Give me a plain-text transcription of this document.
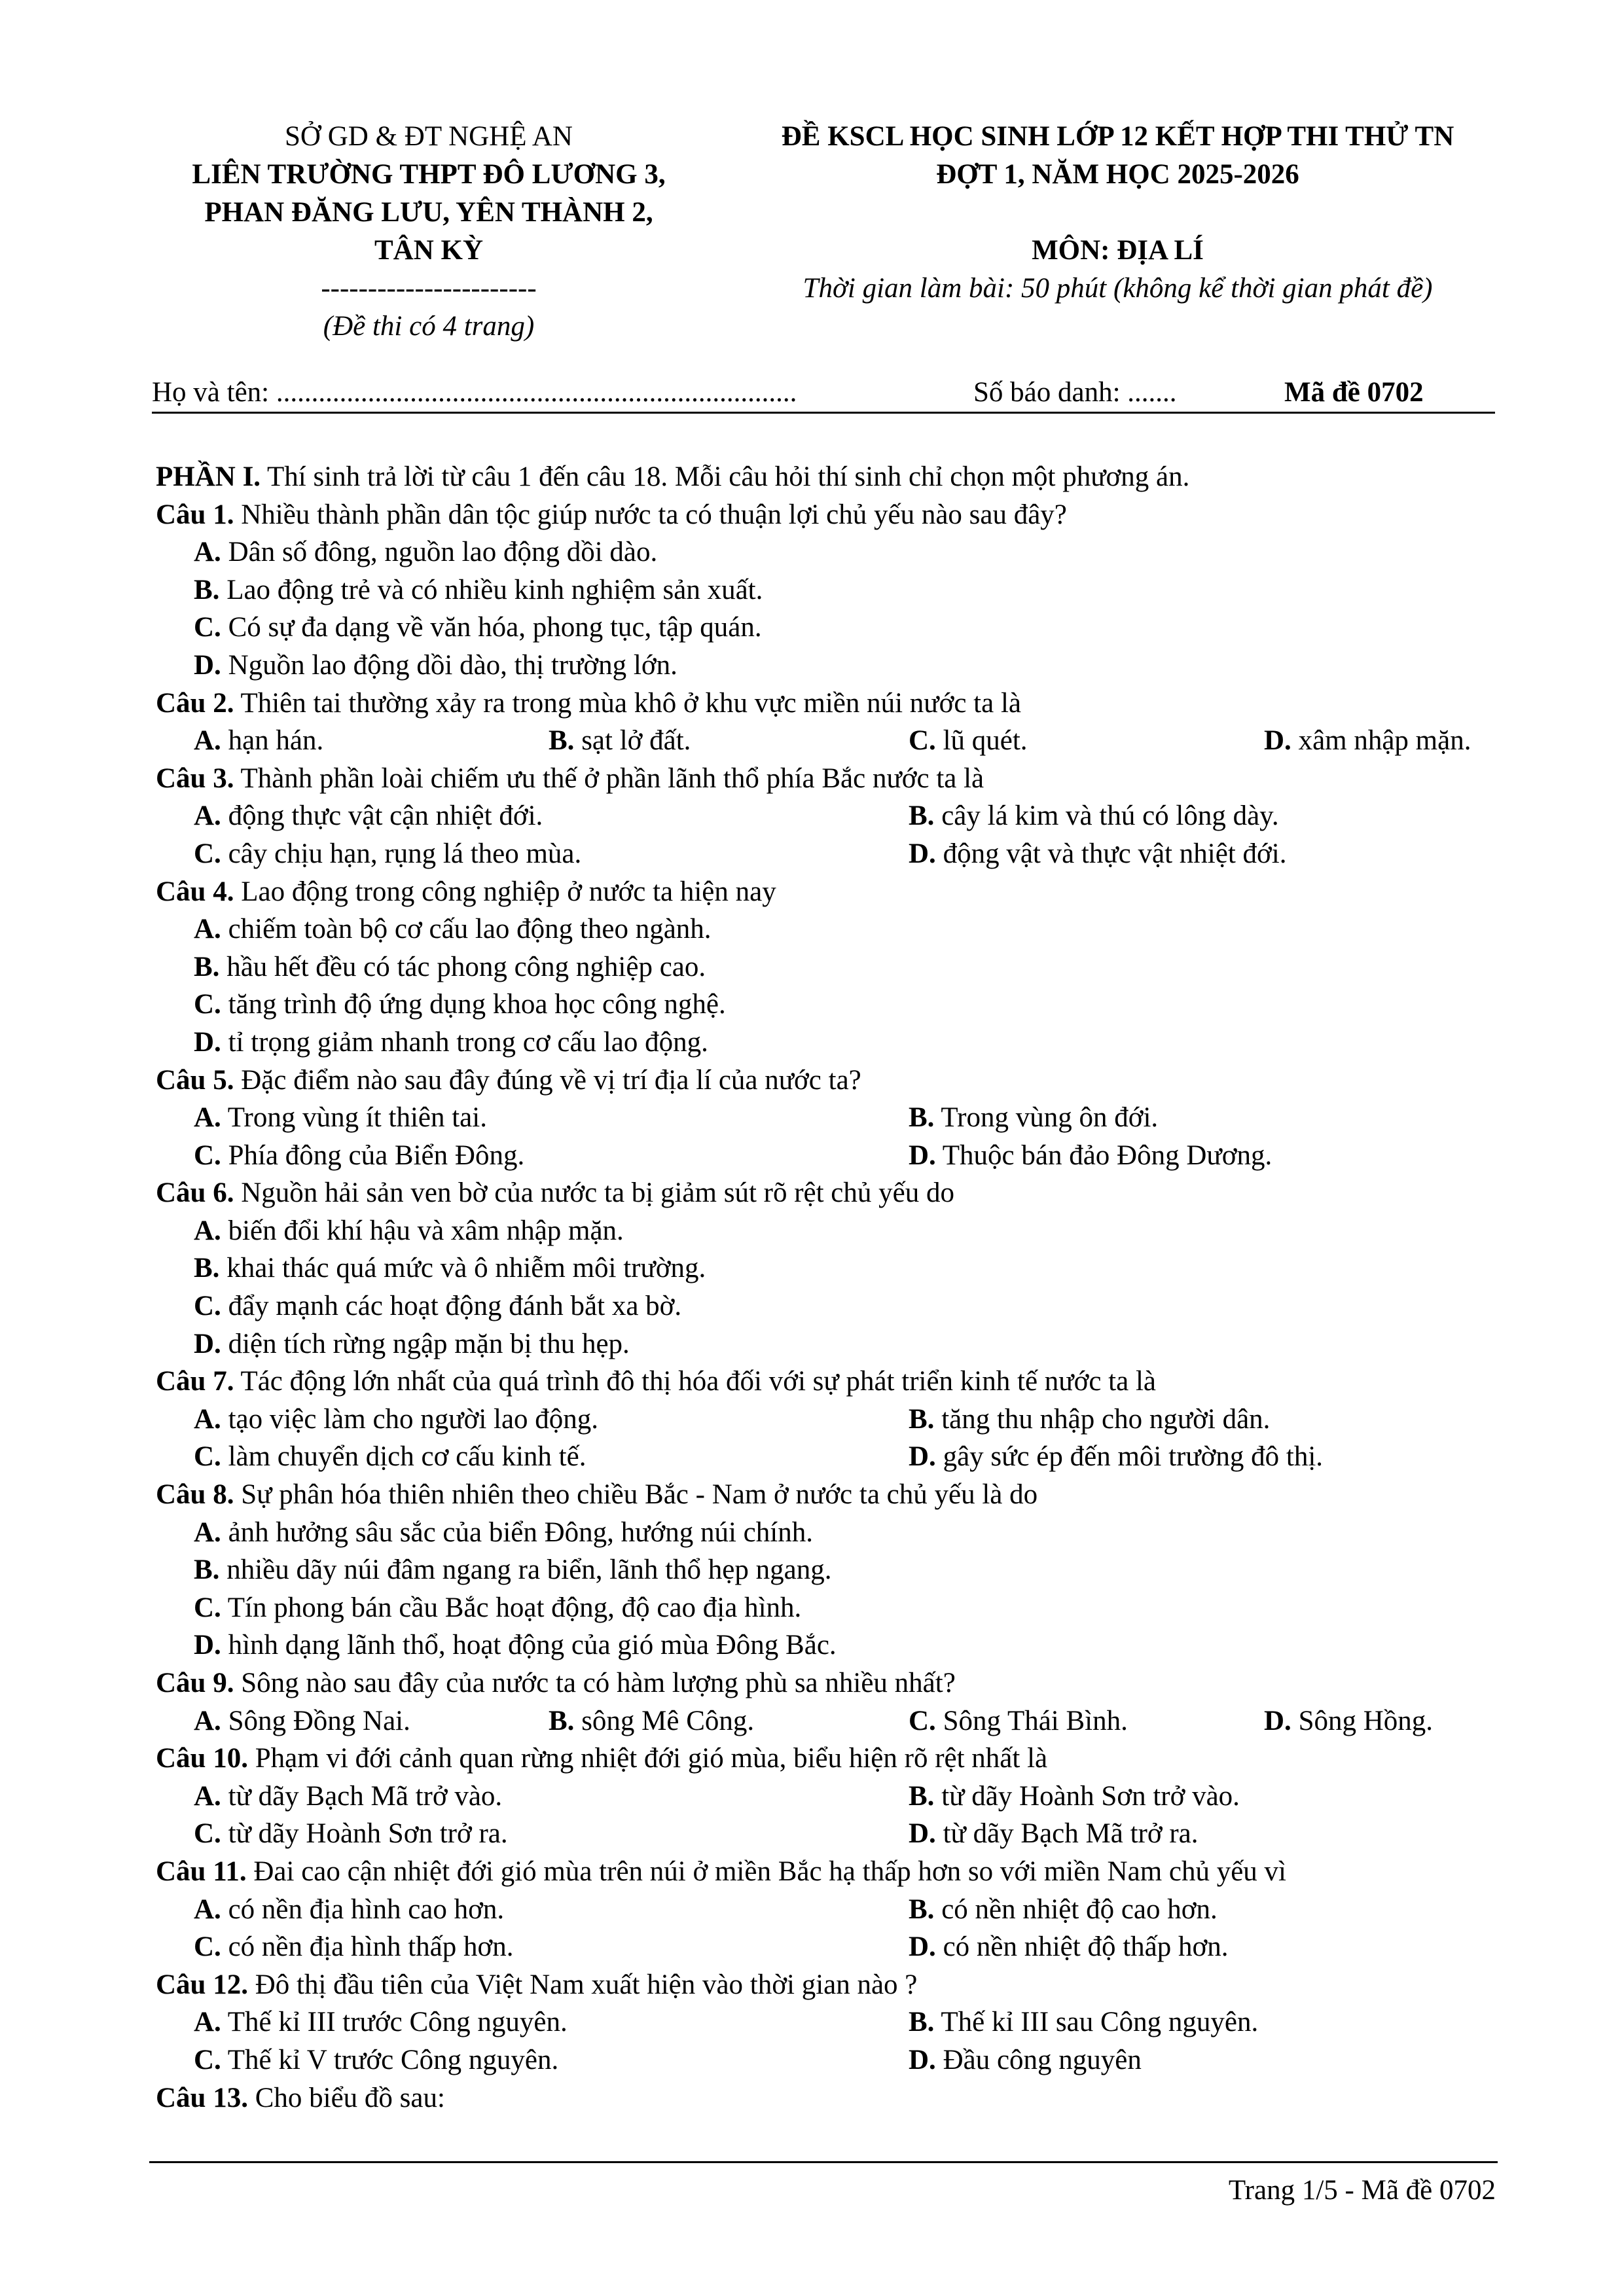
SỞ GD & ĐT NGHỆ AN
LIÊN TRƯỜNG THPT ĐÔ LƯƠNG 3,
PHAN ĐĂNG LƯU, YÊN THÀNH 2,
TÂN KỲ
-----------------------
(Đề thi có 4 trang)
ĐỀ KSCL HỌC SINH LỚP 12 KẾT HỢP THI THỬ TN
ĐỢT 1, NĂM HỌC 2025-2026
MÔN: ĐỊA LÍ
Thời gian làm bài: 50 phút (không kể thời gian phát đề)
Họ và tên: ..........................................................................	Số báo danh: .......	Mã đề 0702
PHẦN I. Thí sinh trả lời từ câu 1 đến câu 18. Mỗi câu hỏi thí sinh chỉ chọn một phương án.
Câu 1. Nhiều thành phần dân tộc giúp nước ta có thuận lợi chủ yếu nào sau đây?
A. Dân số đông, nguồn lao động dồi dào.
B. Lao động trẻ và có nhiều kinh nghiệm sản xuất.
C. Có sự đa dạng về văn hóa, phong tục, tập quán.
D. Nguồn lao động dồi dào, thị trường lớn.
Câu 2. Thiên tai thường xảy ra trong mùa khô ở khu vực miền núi nước ta là
A. hạn hán.	B. sạt lở đất.	C. lũ quét.	D. xâm nhập mặn.
Câu 3. Thành phần loài chiếm ưu thế ở phần lãnh thổ phía Bắc nước ta là
A. động thực vật cận nhiệt đới.	B. cây lá kim và thú có lông dày.
C. cây chịu hạn, rụng lá theo mùa.	D. động vật và thực vật nhiệt đới.
Câu 4. Lao động trong công nghiệp ở nước ta hiện nay
A. chiếm toàn bộ cơ cấu lao động theo ngành.
B. hầu hết đều có tác phong công nghiệp cao.
C. tăng trình độ ứng dụng khoa học công nghệ.
D. tỉ trọng giảm nhanh trong cơ cấu lao động.
Câu 5. Đặc điểm nào sau đây đúng về vị trí địa lí của nước ta?
A. Trong vùng ít thiên tai.	B. Trong vùng ôn đới.
C. Phía đông của Biển Đông.	D. Thuộc bán đảo Đông Dương.
Câu 6. Nguồn hải sản ven bờ của nước ta bị giảm sút rõ rệt chủ yếu do
A. biến đổi khí hậu và xâm nhập mặn.
B. khai thác quá mức và ô nhiễm môi trường.
C. đẩy mạnh các hoạt động đánh bắt xa bờ.
D. diện tích rừng ngập mặn bị thu hẹp.
Câu 7. Tác động lớn nhất của quá trình đô thị hóa đối với sự phát triển kinh tế nước ta là
A. tạo việc làm cho người lao động.	B. tăng thu nhập cho người dân.
C. làm chuyển dịch cơ cấu kinh tế.	D. gây sức ép đến môi trường đô thị.
Câu 8. Sự phân hóa thiên nhiên theo chiều Bắc - Nam ở nước ta chủ yếu là do
A. ảnh hưởng sâu sắc của biển Đông, hướng núi chính.
B. nhiều dãy núi đâm ngang ra biển, lãnh thổ hẹp ngang.
C. Tín phong bán cầu Bắc hoạt động, độ cao địa hình.
D. hình dạng lãnh thổ, hoạt động của gió mùa Đông Bắc.
Câu 9. Sông nào sau đây của nước ta có hàm lượng phù sa nhiều nhất?
A. Sông Đồng Nai.	B. sông Mê Công.	C. Sông Thái Bình.	D. Sông Hồng.
Câu 10. Phạm vi đới cảnh quan rừng nhiệt đới gió mùa, biểu hiện rõ rệt nhất là
A. từ dãy Bạch Mã trở vào.	B. từ dãy Hoành Sơn trở vào.
C. từ dãy Hoành Sơn trở ra.	D. từ dãy Bạch Mã trở ra.
Câu 11. Đai cao cận nhiệt đới gió mùa trên núi ở miền Bắc hạ thấp hơn so với miền Nam chủ yếu vì
A. có nền địa hình cao hơn.	B. có nền nhiệt độ cao hơn.
C. có nền địa hình thấp hơn.	D. có nền nhiệt độ thấp hơn.
Câu 12. Đô thị đầu tiên của Việt Nam xuất hiện vào thời gian nào ?
A. Thế kỉ III trước Công nguyên.	B. Thế kỉ III sau Công nguyên.
C. Thế kỉ V trước Công nguyên.	D. Đầu công nguyên
Câu 13. Cho biểu đồ sau:
Trang 1/5 - Mã đề 0702
